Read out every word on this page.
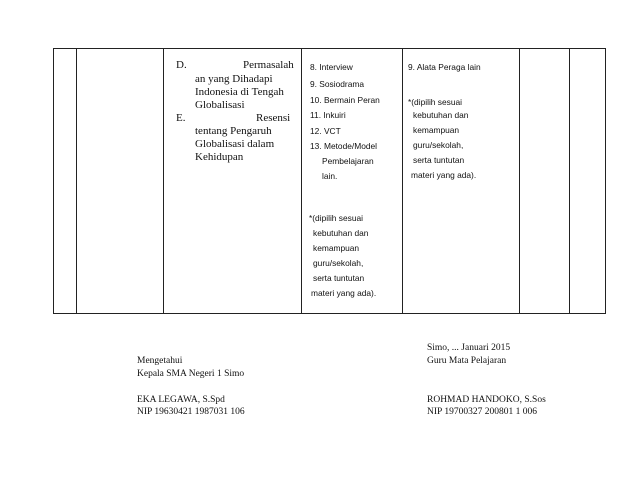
D.	Permasalah
an yang Dihadapi
Indonesia di Tengah
Globalisasi
E.	Resensi
tentang Pengaruh
Globalisasi dalam
Kehidupan
8. Interview
9. Sosiodrama
10. Bermain Peran
11. Inkuiri
12. VCT
13. Metode/Model
Pembelajaran
lain.
*(dipilih sesuai
kebutuhan dan
kemampuan
guru/sekolah,
serta tuntutan
materi yang ada).
9. Alata Peraga lain
*(dipilih sesuai
kebutuhan dan
kemampuan
guru/sekolah,
serta tuntutan
materi yang ada).
Simo, ... Januari 2015
Guru Mata Pelajaran
Mengetahui
Kepala SMA Negeri 1 Simo
EKA LEGAWA, S.Spd
NIP 19630421 1987031 106
ROHMAD HANDOKO, S.Sos
NIP 19700327 200801 1 006
